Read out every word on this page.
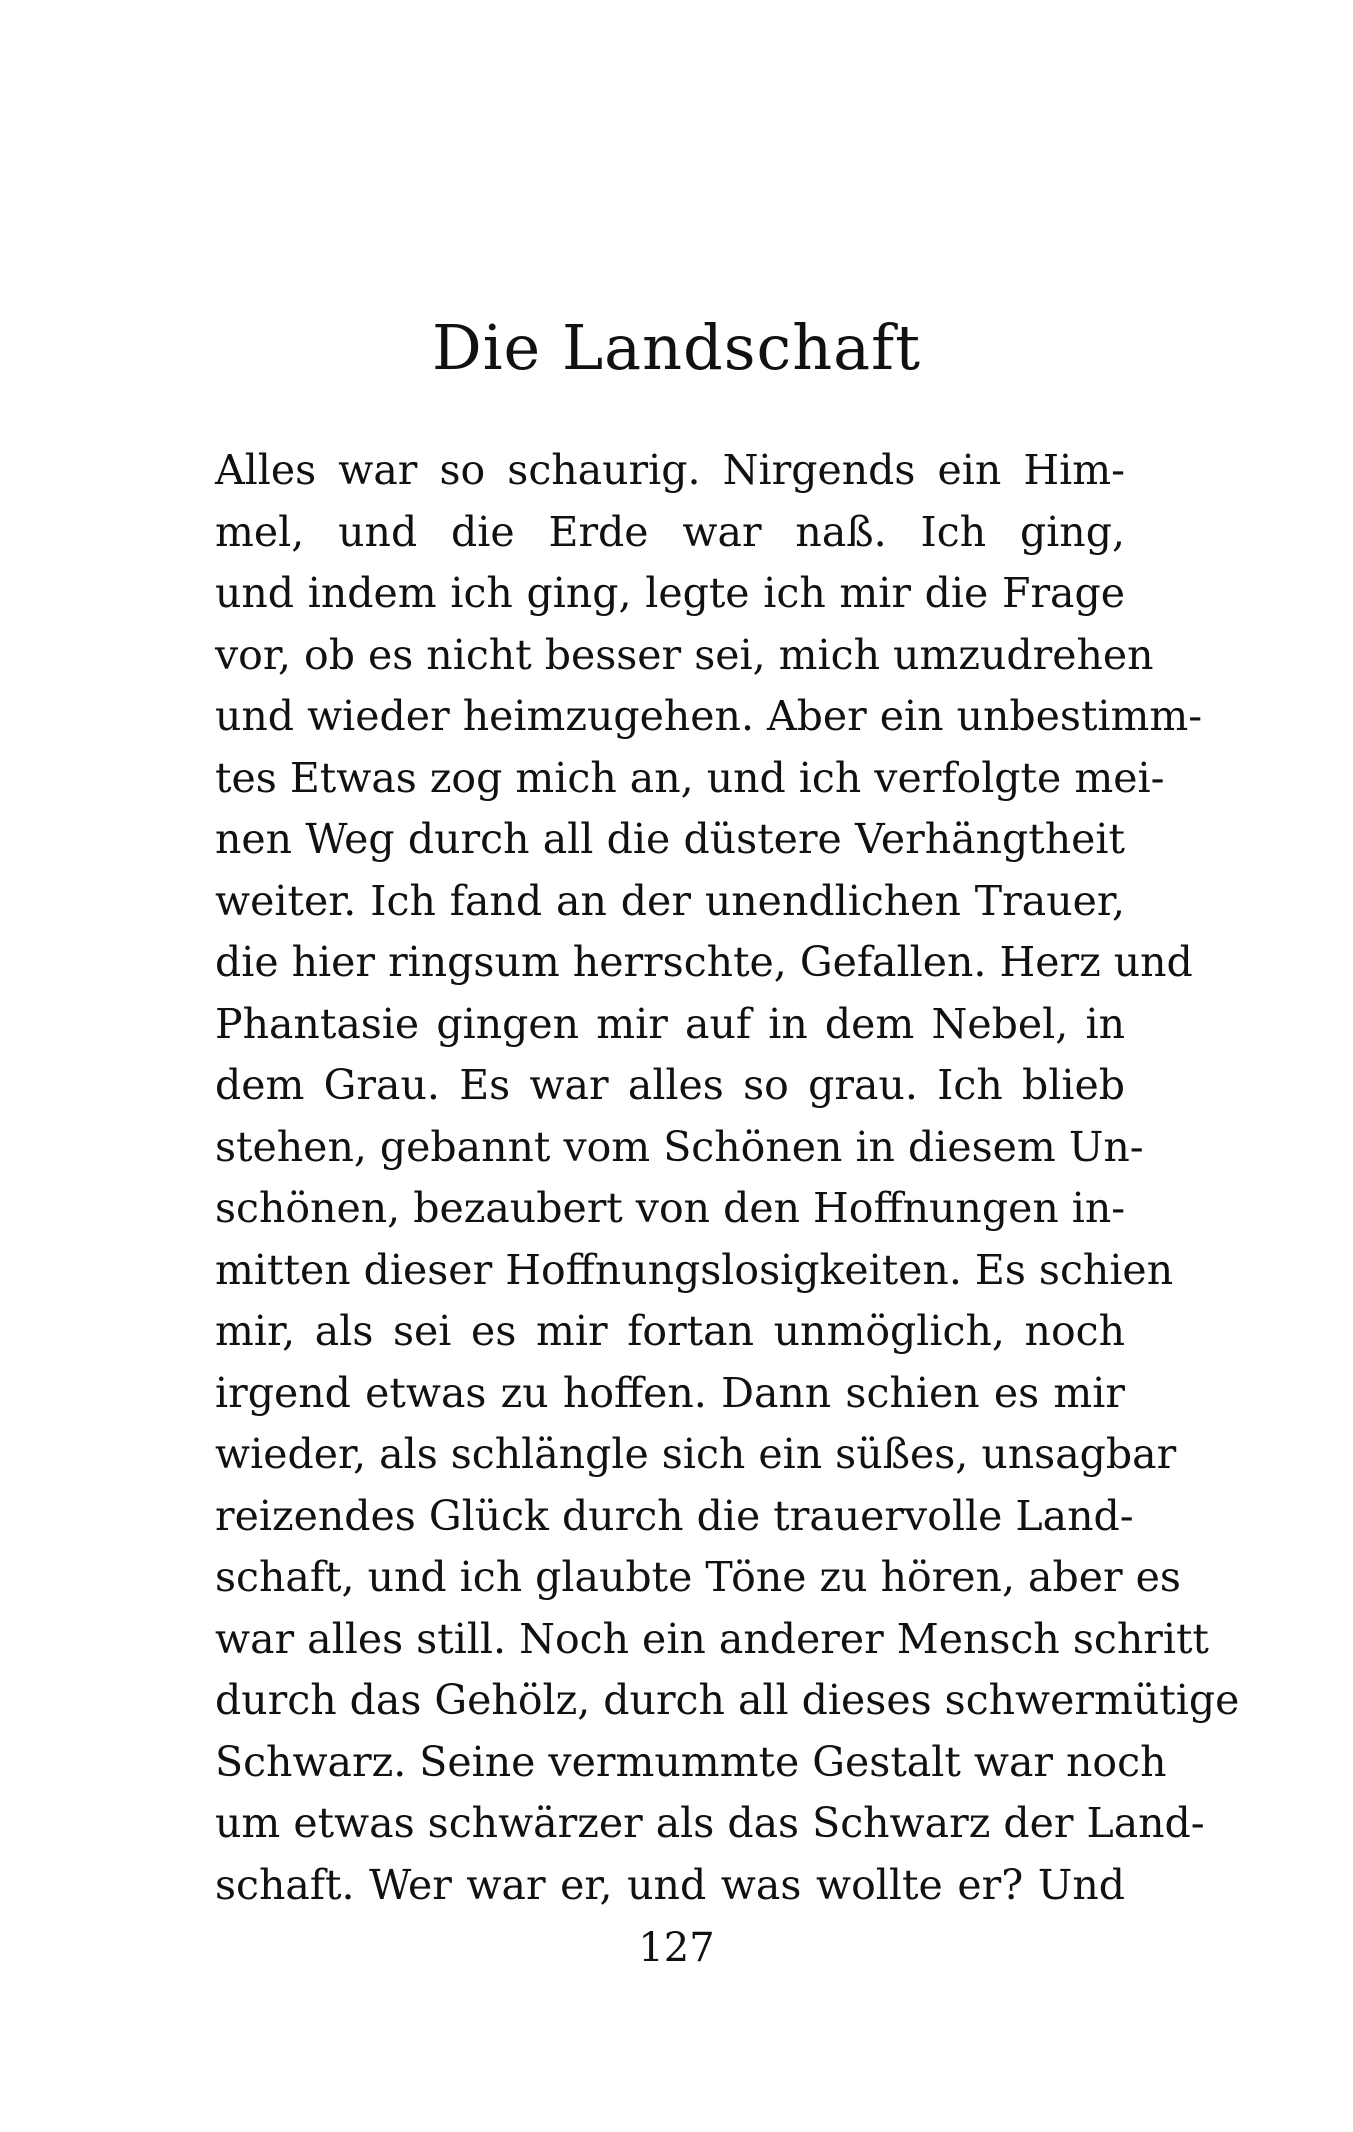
Die Landschaft
Alles war so schaurig. Nirgends ein Him-
mel, und die Erde war naß. Ich ging,
und indem ich ging, legte ich mir die Frage
vor, ob es nicht besser sei, mich umzudrehen
und wieder heimzugehen. Aber ein unbestimm-
tes Etwas zog mich an, und ich verfolgte mei-
nen Weg durch all die düstere Verhängtheit
weiter. Ich fand an der unendlichen Trauer,
die hier ringsum herrschte, Gefallen. Herz und
Phantasie gingen mir auf in dem Nebel, in
dem Grau. Es war alles so grau. Ich blieb
stehen, gebannt vom Schönen in diesem Un-
schönen, bezaubert von den Hoffnungen in-
mitten dieser Hoffnungslosigkeiten. Es schien
mir, als sei es mir fortan unmöglich, noch
irgend etwas zu hoffen. Dann schien es mir
wieder, als schlängle sich ein süßes, unsagbar
reizendes Glück durch die trauervolle Land-
schaft, und ich glaubte Töne zu hören, aber es
war alles still. Noch ein anderer Mensch schritt
durch das Gehölz, durch all dieses schwermütige
Schwarz. Seine vermummte Gestalt war noch
um etwas schwärzer als das Schwarz der Land-
schaft. Wer war er, und was wollte er? Und
127
